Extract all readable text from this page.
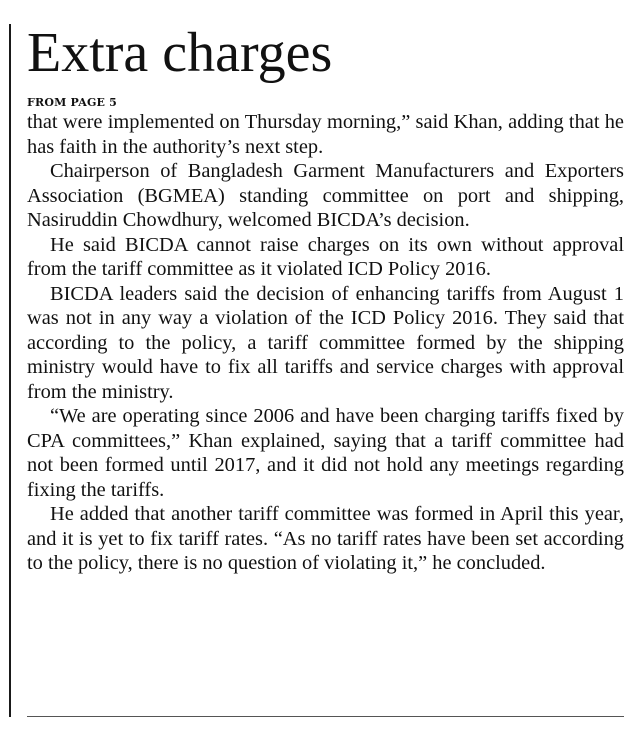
Extra charges
FROM PAGE 5

that were implemented on Thursday morning,” said Khan, adding that he has faith in the authority’s next step.

Chairperson of Bangladesh Garment Manufacturers and Exporters Association (BGMEA) standing committee on port and shipping, Nasiruddin Chowdhury, welcomed BICDA’s decision.

He said BICDA cannot raise charges on its own without approval from the tariff committee as it violated ICD Policy 2016.

BICDA leaders said the decision of enhancing tariffs from August 1 was not in any way a violation of the ICD Policy 2016. They said that according to the policy, a tariff committee formed by the shipping ministry would have to fix all tariffs and service charges with approval from the ministry.

“We are operating since 2006 and have been charging tariffs fixed by CPA committees,” Khan explained, saying that a tariff committee had not been formed until 2017, and it did not hold any meetings regarding fixing the tariffs.

He added that another tariff committee was formed in April this year, and it is yet to fix tariff rates. “As no tariff rates have been set according to the policy, there is no question of violating it,” he concluded.
